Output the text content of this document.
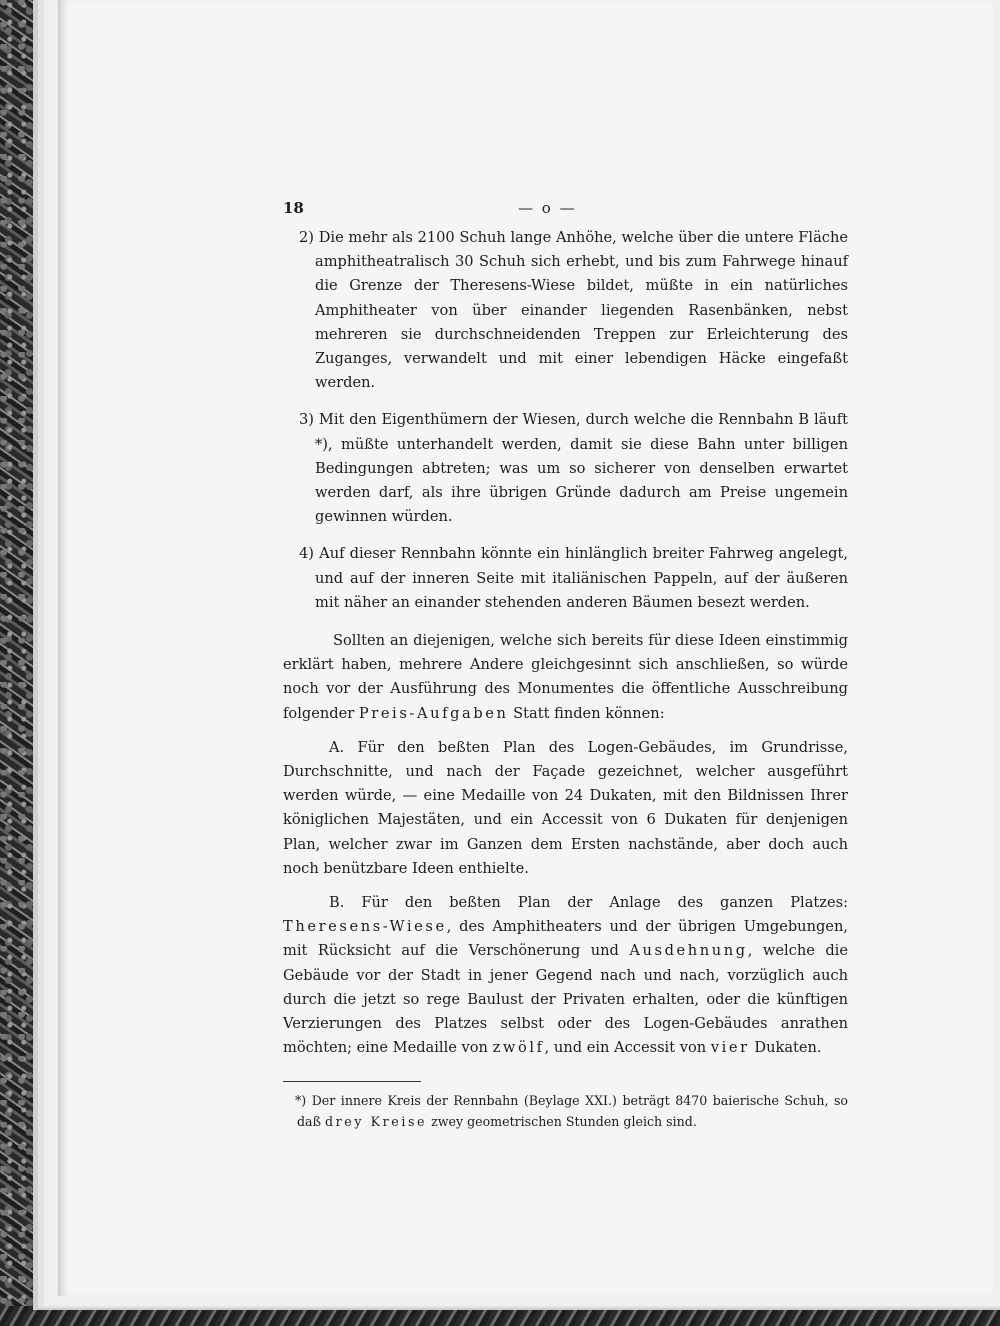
18	— o —

2) Die mehr als 2100 Schuh lange Anhöhe, welche über die untere Fläche amphitheatralisch 30 Schuh sich erhebt, und bis zum Fahrwege hinauf die Grenze der Theresens-Wiese bildet, müßte in ein natürliches Amphitheater von über einander liegenden Rasenbänken, nebst mehreren sie durchschneidenden Treppen zur Erleichterung des Zuganges, verwandelt und mit einer lebendigen Häcke eingefaßt werden.

3) Mit den Eigenthümern der Wiesen, durch welche die Rennbahn B läuft *), müßte unterhandelt werden, damit sie diese Bahn unter billigen Bedingungen abtreten; was um so sicherer von denselben erwartet werden darf, als ihre übrigen Gründe dadurch am Preise ungemein gewinnen würden.

4) Auf dieser Rennbahn könnte ein hinlänglich breiter Fahrweg angelegt, und auf der inneren Seite mit italiänischen Pappeln, auf der äußeren mit näher an einander stehenden anderen Bäumen besezt werden.

Sollten an diejenigen, welche sich bereits für diese Ideen einstimmig erklärt haben, mehrere Andere gleichgesinnt sich anschließen, so würde noch vor der Ausführung des Monumentes die öffentliche Ausschreibung folgender Preis-Aufgaben Statt finden können:

A. Für den beßten Plan des Logen-Gebäudes, im Grundrisse, Durchschnitte, und nach der Façade gezeichnet, welcher ausgeführt werden würde, — eine Medaille von 24 Dukaten, mit den Bildnissen Ihrer königlichen Majestäten, und ein Accessit von 6 Dukaten für denjenigen Plan, welcher zwar im Ganzen dem Ersten nachstände, aber doch auch noch benützbare Ideen enthielte.

B. Für den beßten Plan der Anlage des ganzen Platzes: Theresens-Wiese, des Amphitheaters und der übrigen Umgebungen, mit Rücksicht auf die Verschönerung und Ausdehnung, welche die Gebäude vor der Stadt in jener Gegend nach und nach, vorzüglich auch durch die jetzt so rege Baulust der Privaten erhalten, oder die künftigen Verzierungen des Platzes selbst oder des Logen-Gebäudes anrathen möchten; eine Medaille von zwölf, und ein Accessit von vier Dukaten.

*) Der innere Kreis der Rennbahn (Beylage XXI.) beträgt 8470 baierische Schuh, so daß drey Kreise zwey geometrischen Stunden gleich sind.
